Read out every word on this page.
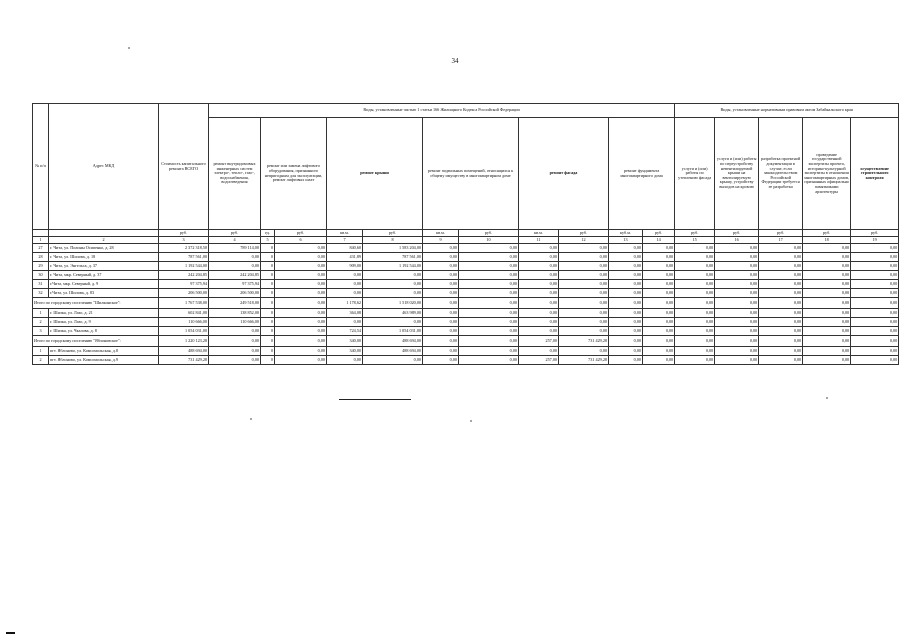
34
№ п/п	Адрес МКД	Стоимость капитального ремонта ВСЕГО	Виды, установленные частью 1 статьи 166 Жилищного Кодекса Российской Федерации											Виды, установленные нормативным правовым актом Забайкальского края				
			ремонт внутридомовых инженерных систем электро-, тепло-, газо-, водоснабжения, водоотведения	ремонт или замена лифтового оборудования, признанного непригодным для эксплуатации, ремонт лифтовых шахт		ремонт крыши		ремонт подвальных помещений, относящихся к общему имуществу в многоквартирном доме		ремонт фасада		ремонт фундамента многоквартирного дома		услуги и (или) работы по утеплению фасада	услуги и (или) работы по переустройству невентилируемой крыши на вентилируемую крышу, устройству выходов на кровлю	разработка проектной документации в случае, если законодательством Российской Федерации требуется ее разработка	проведение государственной экспертизы проекта, историко-культурной экспертизы в отношении многоквартирных домов, признанных официально памятниками архитектуры	осуществление строительного контроля
		руб.	руб.	ед.	руб.	кв.м.	руб.	кв.м.	руб.	кв.м.	руб.	куб.м.	руб.	руб.	руб.	руб.	руб.	руб.
1	2	3	4	5	6	7	8	9	10	11	12	13	14	15	16	17	18	19
27	г. Чита, ул. Полины Осипенко, д. 28	2 372 318,50	789 114,00	0	0,00	840,60	1 583 204,00	0,00	0,00	0,00	0,00	0,00	0,00	0,00	0,00	0,00	0,00	0,00
28	г. Чита, ул. Шилова, д. 18	787 561,00	0,00	0	0,00	431,89	787 561,00	0,00	0,00	0,00	0,00	0,00	0,00	0,00	0,00	0,00	0,00	0,00
29	г. Чита, ул. Энгельса, д. 37	1 192 544,00	0,00	0	0,00	909,00	1 192 544,00	0,00	0,00	0,00	0,00	0,00	0,00	0,00	0,00	0,00	0,00	0,00
30	г. Чита, мкр. Северный, д. 37	242 204,85	242 204,85	0	0,00	0,00	0,00	0,00	0,00	0,00	0,00	0,00	0,00	0,00	0,00	0,00	0,00	0,00
31	г.Чита, мкр. Северный, д. 9	97 375,94	97 375,94	0	0,00	0,00	0,00	0,00	0,00	0,00	0,00	0,00	0,00	0,00	0,00	0,00	0,00	0,00
32	г.Чита, ул. Шилова, д. 83	206 500,00	206 500,00	0	0,00	0,00	0,00	0,00	0,00	0,00	0,00	0,00	0,00	0,00	0,00	0,00	0,00	0,00
Итого по городскому поселению "Шилкинское":		1 767 538,00	249 518,00	0	0,00	1 178,62	1 518 020,00	0,00	0,00	0,00	0,00	0,00	0,00	0,00	0,00	0,00	0,00	0,00
1	г. Шилка, ул. Лазо, д. 21	602 841,00	138 852,00	0	0,00	364,08	463 989,00	0,00	0,00	0,00	0,00	0,00	0,00	0,00	0,00	0,00	0,00	0,00
2	г. Шилка, ул. Лазо, д. 9	110 666,00	110 666,00	0	0,00	0,00	0,00	0,00	0,00	0,00	0,00	0,00	0,00	0,00	0,00	0,00	0,00	0,00
3	г. Шилка, ул. Чкалова, д. 8	1 054 031,00	0,00	0	0,00	724,54	1 054 031,00	0,00	0,00	0,00	0,00	0,00	0,00	0,00	0,00	0,00	0,00	0,00
Итого по городскому поселению "Яблоновское":		1 220 123,28	0,00	0	0,00	340,00	488 694,00	0,00	0,00	257,00	731 429,28	0,00	0,00	0,00	0,00	0,00	0,00	0,00
1	пгт. Яблоново, ул. Комсомольская, д.8	488 694,00	0,00	0	0,00	340,00	488 694,00	0,00	0,00	0,00	0,00	0,00	0,00	0,00	0,00	0,00	0,00	0,00
2	пгт. Яблоново, ул. Комсомольская, д.9	731 429,28	0,00	0	0,00	0,00	0,00	0,00	0,00	257,00	731 429,28	0,00	0,00	0,00	0,00	0,00	0,00	0,00
